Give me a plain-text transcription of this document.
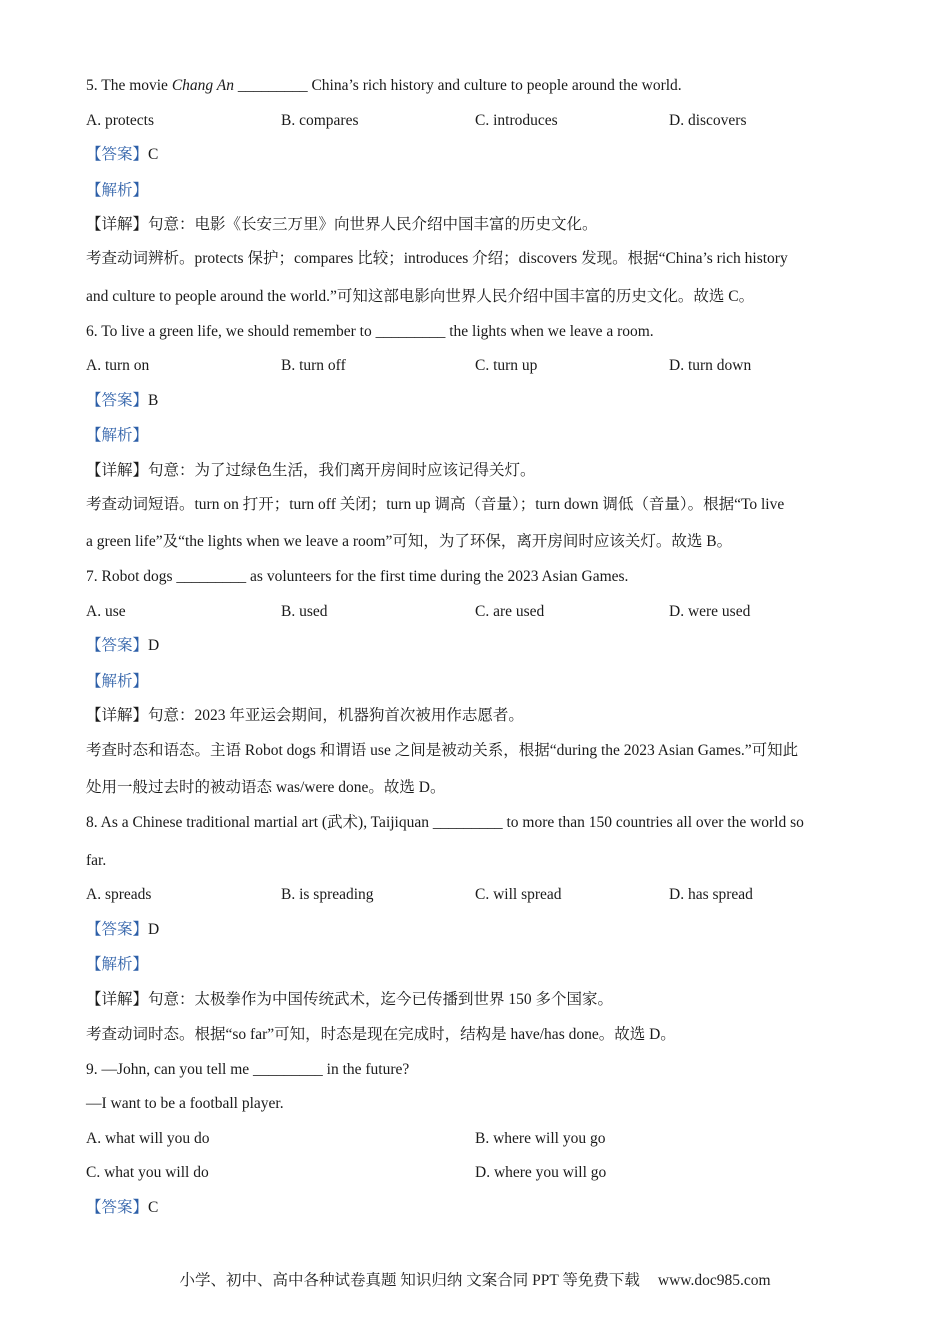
5. The movie Chang An _________ China’s rich history and culture to people around the world.
A. protects	B. compares	C. introduces	D. discovers
【答案】C
【解析】
【详解】句意：电影《长安三万里》向世界人民介绍中国丰富的历史文化。
考查动词辨析。protects 保护；compares 比较；introduces 介绍；discovers 发现。根据“China’s rich history
and culture to people around the world.”可知这部电影向世界人民介绍中国丰富的历史文化。故选 C。
6. To live a green life, we should remember to _________ the lights when we leave a room.
A. turn on	B. turn off	C. turn up	D. turn down
【答案】B
【解析】
【详解】句意：为了过绿色生活，我们离开房间时应该记得关灯。
考查动词短语。turn on 打开；turn off 关闭；turn up 调高（音量）；turn down 调低（音量）。根据“To live
a green life”及“the lights when we leave a room”可知，为了环保，离开房间时应该关灯。故选 B。
7. Robot dogs _________ as volunteers for the first time during the 2023 Asian Games.
A. use	B. used	C. are used	D. were used
【答案】D
【解析】
【详解】句意：2023 年亚运会期间，机器狗首次被用作志愿者。
考查时态和语态。主语 Robot dogs 和谓语 use 之间是被动关系，根据“during the 2023 Asian Games.”可知此
处用一般过去时的被动语态 was/were done。故选 D。
8. As a Chinese traditional martial art (武术), Taijiquan _________ to more than 150 countries all over the world so
far.
A. spreads	B. is spreading	C. will spread	D. has spread
【答案】D
【解析】
【详解】句意：太极拳作为中国传统武术，迄今已传播到世界 150 多个国家。
考查动词时态。根据“so far”可知，时态是现在完成时，结构是 have/has done。故选 D。
9. —John, can you tell me _________ in the future?
—I want to be a football player.
A. what will you do	B. where will you go
C. what you will do	D. where you will go
【答案】C
小学、初中、高中各种试卷真题 知识归纳 文案合同 PPT 等免费下载 www.doc985.com
